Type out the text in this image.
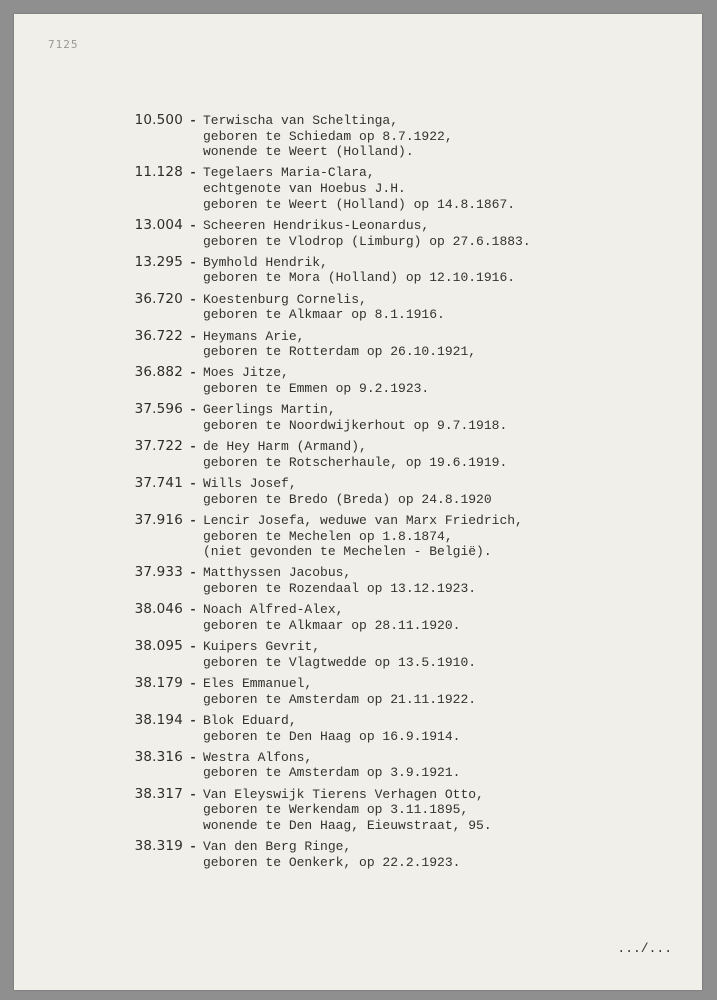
7125
10.500 - Terwischa van Scheltinga,
geboren te Schiedam op 8.7.1922,
wonende te Weert (Holland).
11.128 - Tegelaers Maria-Clara,
echtgenote van Hoebus J.H.
geboren te Weert (Holland) op 14.8.1867.
13.004 - Scheeren Hendrikus-Leonardus,
geboren te Vlodrop (Limburg) op 27.6.1883.
13.295 - Bymhold Hendrik,
geboren te Mora (Holland) op 12.10.1916.
36.720 - Koestenburg Cornelis,
geboren te Alkmaar op 8.1.1916.
36.722 - Heymans Arie,
geboren te Rotterdam op 26.10.1921,
36.882 - Moes Jitze,
geboren te Emmen op 9.2.1923.
37.596 - Geerlings Martin,
geboren te Noordwijkerhout op 9.7.1918.
37.722 - de Hey Harm (Armand),
geboren te Rotscherhaule, op 19.6.1919.
37.741 - Wills Josef,
geboren te Bredo (Breda) op 24.8.1920
37.916 - Lencir Josefa, weduwe van Marx Friedrich,
geboren te Mechelen op 1.8.1874,
(niet gevonden te Mechelen - België).
37.933 - Matthyssen Jacobus,
geboren te Rozendaal op 13.12.1923.
38.046 - Noach Alfred-Alex,
geboren te Alkmaar op 28.11.1920.
38.095 - Kuipers Gevrit,
geboren te Vlagtwedde op 13.5.1910.
38.179 - Eles Emmanuel,
geboren te Amsterdam op 21.11.1922.
38.194 - Blok Eduard,
geboren te Den Haag op 16.9.1914.
38.316 - Westra Alfons,
geboren te Amsterdam op 3.9.1921.
38.317 - Van Eleyswijk Tierens Verhagen Otto,
geboren te Werkendam op 3.11.1895,
wonende te Den Haag, Eieuwstraat, 95.
38.319 - Van den Berg Ringe,
geboren te Oenkerk, op 22.2.1923.
.../...
